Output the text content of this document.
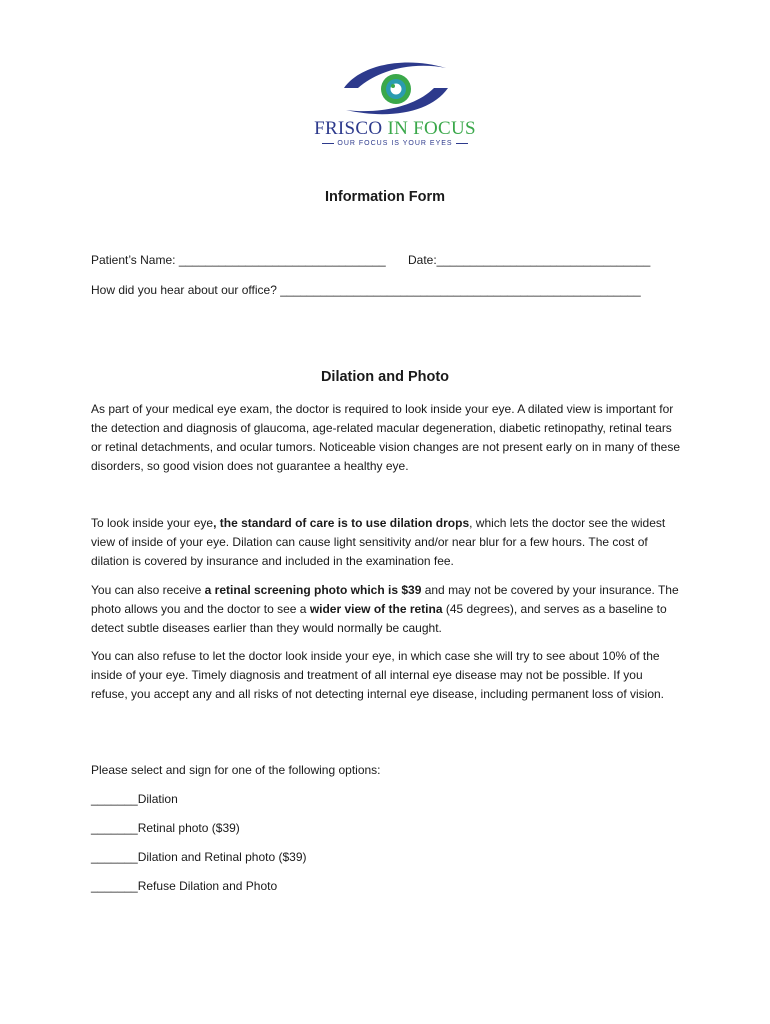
FRISCO IN FOCUS
OUR FOCUS IS YOUR EYES
Information Form
Patient’s Name: _______________________________ Date:________________________________
How did you hear about our office? ______________________________________________________
Dilation and Photo
As part of your medical eye exam, the doctor is required to look inside your eye. A dilated view is important for the detection and diagnosis of glaucoma, age-related macular degeneration, diabetic retinopathy, retinal tears or retinal detachments, and ocular tumors. Noticeable vision changes are not present early on in many of these disorders, so good vision does not guarantee a healthy eye.
To look inside your eye, the standard of care is to use dilation drops, which lets the doctor see the widest view of inside of your eye. Dilation can cause light sensitivity and/or near blur for a few hours. The cost of dilation is covered by insurance and included in the examination fee.
You can also receive a retinal screening photo which is $39 and may not be covered by your insurance. The photo allows you and the doctor to see a wider view of the retina (45 degrees), and serves as a baseline to detect subtle diseases earlier than they would normally be caught.
You can also refuse to let the doctor look inside your eye, in which case she will try to see about 10% of the inside of your eye. Timely diagnosis and treatment of all internal eye disease may not be possible. If you refuse, you accept any and all risks of not detecting internal eye disease, including permanent loss of vision.
Please select and sign for one of the following options:
_______Dilation
_______Retinal photo ($39)
_______Dilation and Retinal photo ($39)
_______Refuse Dilation and Photo
